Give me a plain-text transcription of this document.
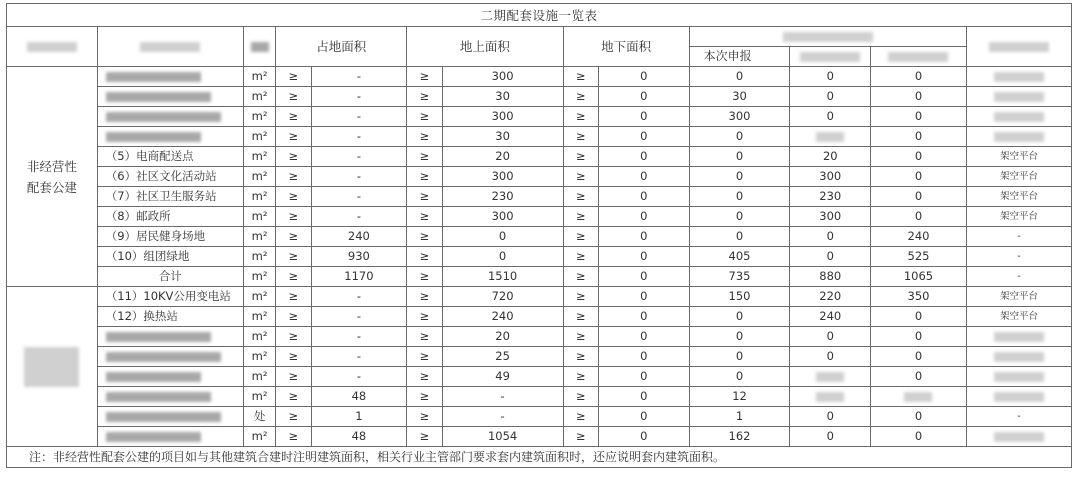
二期配套设施一览表												
			占地面积		地上面积		地下面积					
									本次申报			
非经营性配套公建		m²	≥	-	≥	300	≥	0	0	0	0	
		m²	≥	-	≥	30	≥	0	30	0	0	
		m²	≥	-	≥	300	≥	0	300	0	0	
		m²	≥	-	≥	30	≥	0	0		0	
	（5）电商配送点	m²	≥	-	≥	20	≥	0	0	20	0	架空平台
	（6）社区文化活动站	m²	≥	-	≥	300	≥	0	0	300	0	架空平台
	（7）社区卫生服务站	m²	≥	-	≥	230	≥	0	0	230	0	架空平台
	（8）邮政所	m²	≥	-	≥	300	≥	0	0	300	0	架空平台
	（9）居民健身场地	m²	≥	240	≥	0	≥	0	0	0	240	-
	（10）组团绿地	m²	≥	930	≥	0	≥	0	405	0	525	-
	合计	m²	≥	1170	≥	1510	≥	0	735	880	1065	-
	（11）10KV公用变电站	m²	≥	-	≥	720	≥	0	150	220	350	架空平台
	（12）换热站	m²	≥	-	≥	240	≥	0	0	240	0	架空平台
		m²	≥	-	≥	20	≥	0	0	0	0	
		m²	≥	-	≥	25	≥	0	0	0	0	
		m²	≥	-	≥	49	≥	0	0		0	
		m²	≥	48	≥	-	≥	0	12			
		处	≥	1	≥	-	≥	0	1	0	0	-
		m²	≥	48	≥	1054	≥	0	162	0	0	
注：非经营性配套公建的项目如与其他建筑合建时注明建筑面积，相关行业主管部门要求套内建筑面积时，还应说明套内建筑面积。												
